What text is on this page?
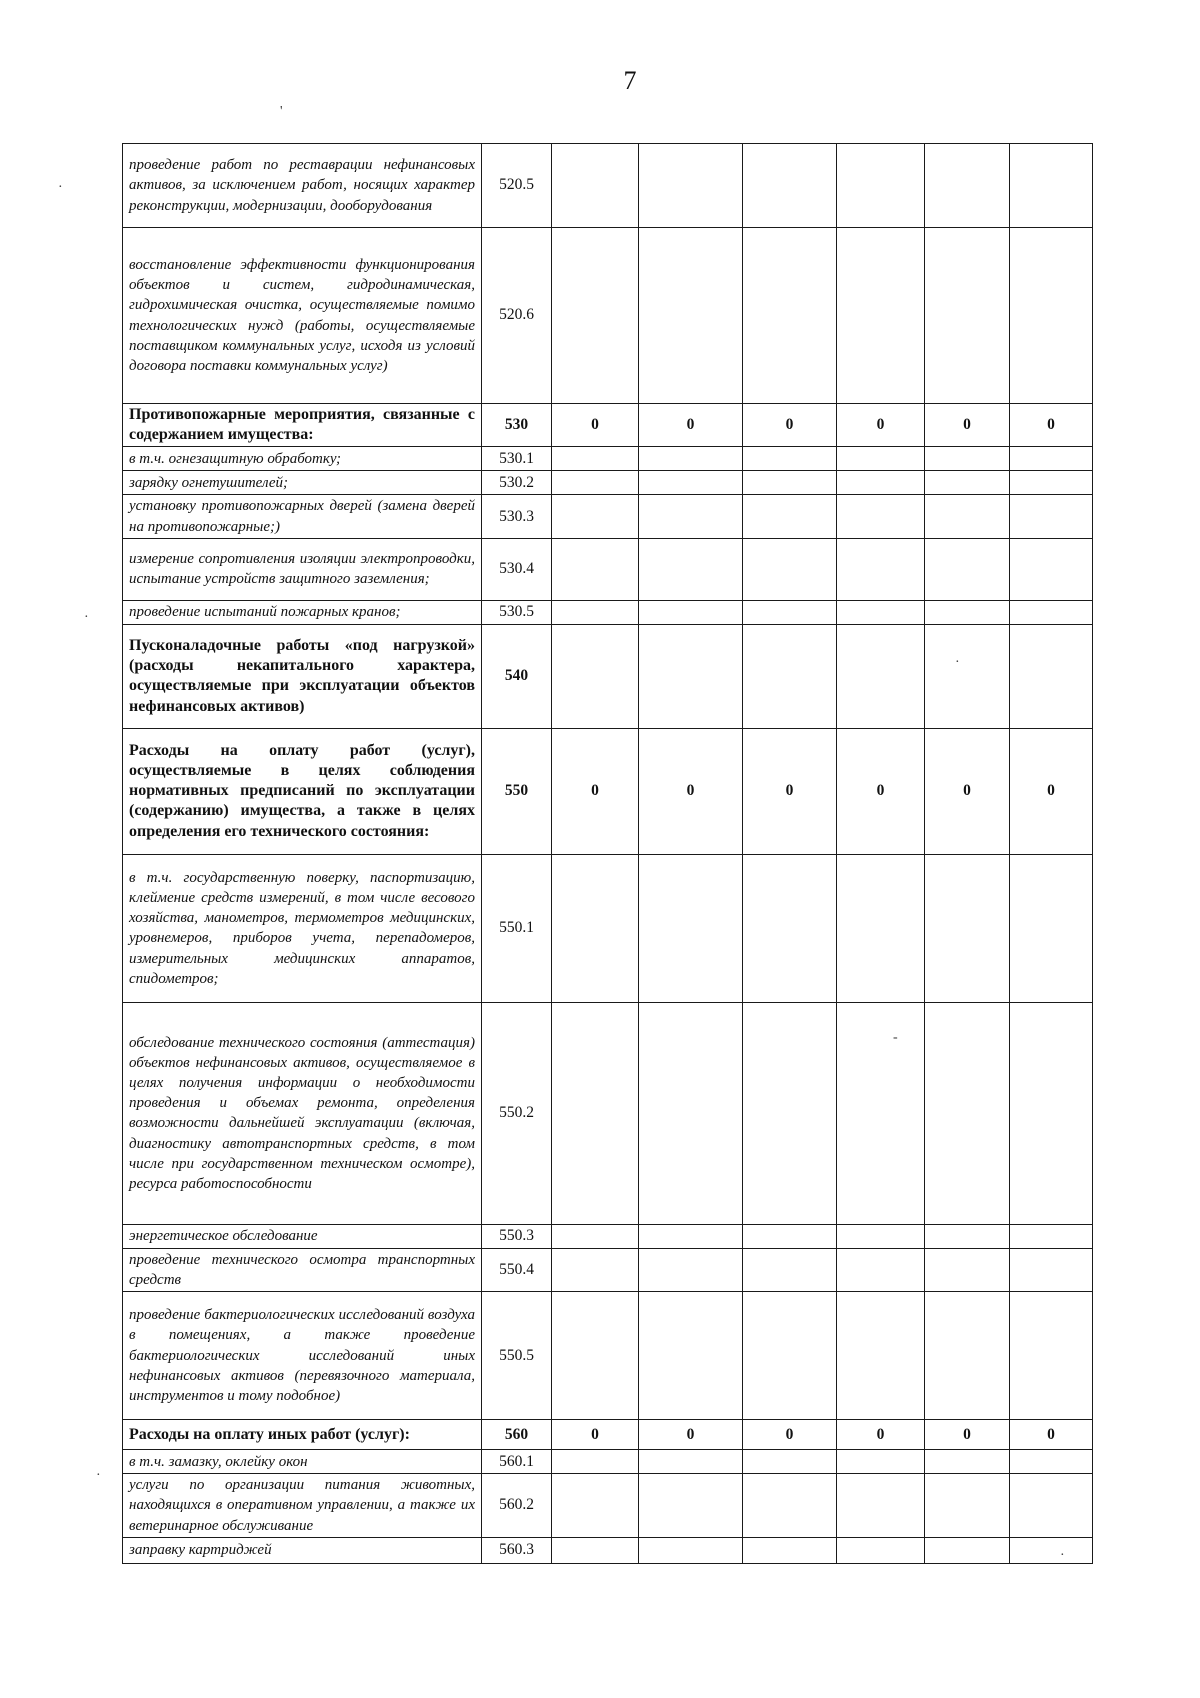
7
'
·
·
·
·
-
·
проведение работ по реставрации нефинансовых активов, за исключением работ, носящих характер реконструкции, модернизации, дооборудования	520.5						
восстановление эффективности функционирования объектов и систем, гидродинамическая, гидрохимическая очистка, осуществляемые помимо технологических нужд (работы, осуществляемые поставщиком коммунальных услуг, исходя из условий договора поставки коммунальных услуг)	520.6						
Противопожарные мероприятия, связанные с содержанием имущества:	530	0	0	0	0	0	0
в т.ч. огнезащитную обработку;	530.1						
зарядку огнетушителей;	530.2						
установку противопожарных дверей (замена дверей на противопожарные;)	530.3						
измерение сопротивления изоляции электропроводки, испытание устройств защитного заземления;	530.4						
проведение испытаний пожарных кранов;	530.5						
Пусконаладочные работы «под нагрузкой» (расходы некапитального характера, осуществляемые при эксплуатации объектов нефинансовых активов)	540						
Расходы на оплату работ (услуг), осуществляемые в целях соблюдения нормативных предписаний по эксплуатации (содержанию) имущества, а также в целях определения его технического состояния:	550	0	0	0	0	0	0
в т.ч. государственную поверку, паспортизацию, клеймение средств измерений, в том числе весового хозяйства, манометров, термометров медицинских, уровнемеров, приборов учета, перепадомеров, измерительных медицинских аппаратов, спидометров;	550.1						
обследование технического состояния (аттестация) объектов нефинансовых активов, осуществляемое в целях получения информации о необходимости проведения и объемах ремонта, определения возможности дальнейшей эксплуатации (включая, диагностику автотранспортных средств, в том числе при государственном техническом осмотре), ресурса работоспособности	550.2						
энергетическое обследование	550.3						
проведение технического осмотра транспортных средств	550.4						
проведение бактериологических исследований воздуха в помещениях, а также проведение бактериологических исследований иных нефинансовых активов (перевязочного материала, инструментов и тому подобное)	550.5						
Расходы на оплату иных работ (услуг):	560	0	0	0	0	0	0
в т.ч. замазку, оклейку окон	560.1						
услуги по организации питания животных, находящихся в оперативном управлении, а также их ветеринарное обслуживание	560.2						
заправку картриджей	560.3						
